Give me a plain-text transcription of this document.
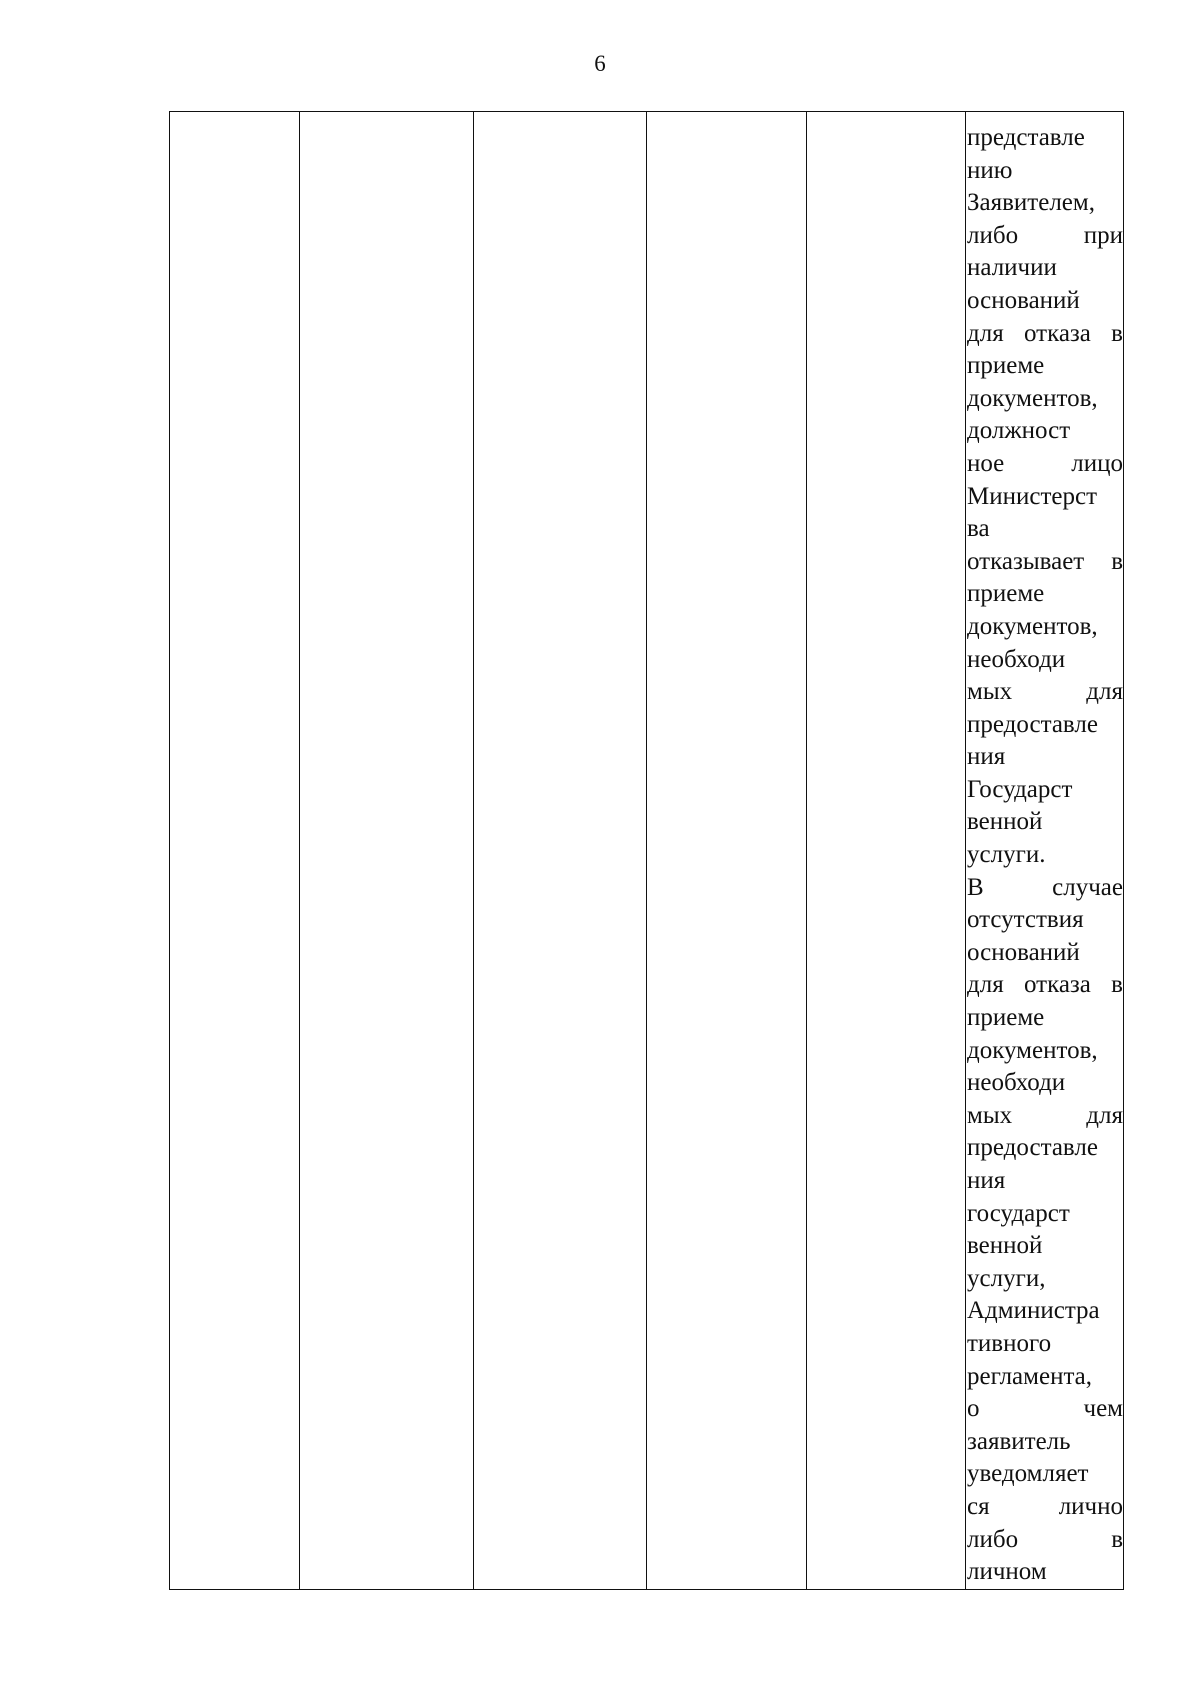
6

представле
нию
Заявителем,
либо	при
наличии
оснований
для отказа в
приеме
документов,
должност
ное	лицо
Министерст
ва
отказывает в
приеме
документов,
необходи
мых	для
предоставле
ния
Государст
венной
услуги.
В	случае
отсутствия
оснований
для отказа в
приеме
документов,
необходи
мых	для
предоставле
ния
государст
венной
услуги,
Администра
тивного
регламента,
о	чем
заявитель
уведомляет
ся	лично
либо	в
личном
